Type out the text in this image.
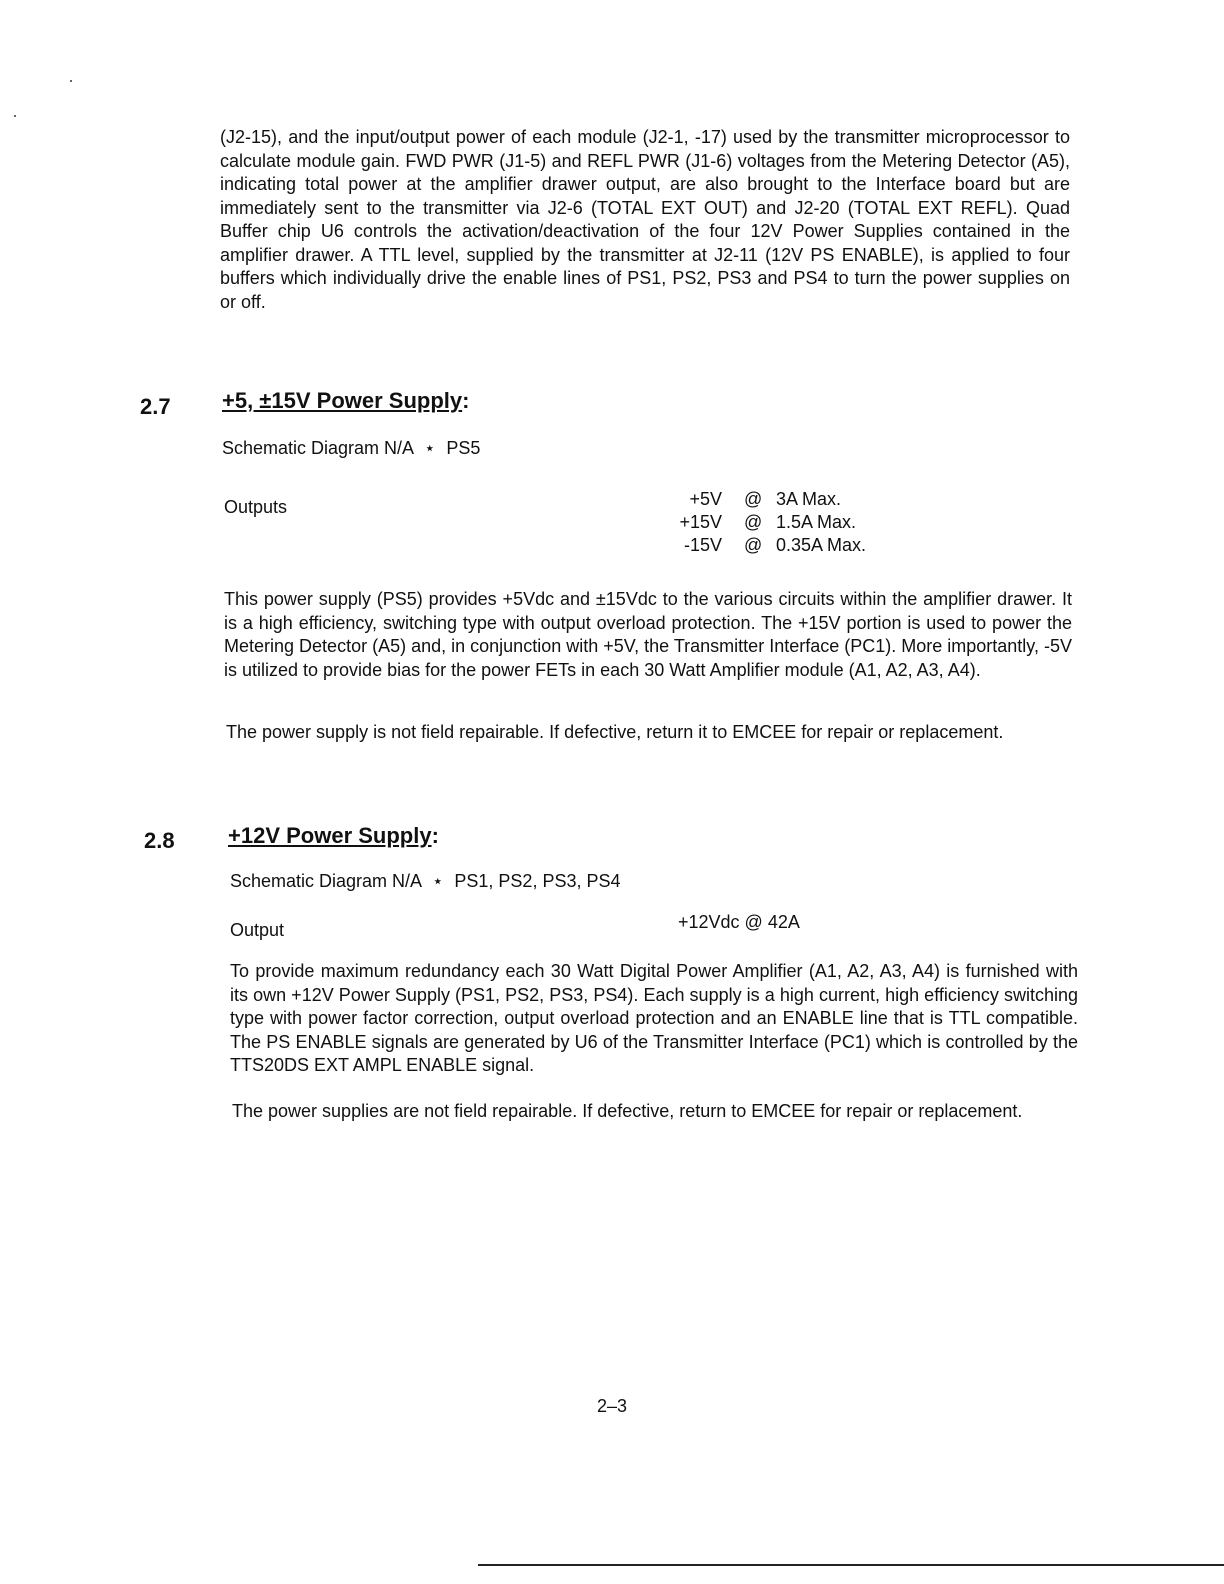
(J2-15), and the input/output power of each module (J2-1, -17) used by the transmitter microprocessor to calculate module gain. FWD PWR (J1-5) and REFL PWR (J1-6) voltages from the Metering Detector (A5), indicating total power at the amplifier drawer output, are also brought to the Interface board but are immediately sent to the transmitter via J2-6 (TOTAL EXT OUT) and J2-20 (TOTAL EXT REFL). Quad Buffer chip U6 controls the activation/deactivation of the four 12V Power Supplies contained in the amplifier drawer. A TTL level, supplied by the transmitter at J2-11 (12V PS ENABLE), is applied to four buffers which individually drive the enable lines of PS1, PS2, PS3 and PS4 to turn the power supplies on or off.

2.7 +5, ±15V Power Supply:
Schematic Diagram N/A ⋆ PS5
Outputs	+5V @ 3A Max.
+15V @ 1.5A Max.
-15V @ 0.35A Max.

This power supply (PS5) provides +5Vdc and ±15Vdc to the various circuits within the amplifier drawer. It is a high efficiency, switching type with output overload protection. The +15V portion is used to power the Metering Detector (A5) and, in conjunction with +5V, the Transmitter Interface (PC1). More importantly, -5V is utilized to provide bias for the power FETs in each 30 Watt Amplifier module (A1, A2, A3, A4).

The power supply is not field repairable. If defective, return it to EMCEE for repair or replacement.
2.8 +12V Power Supply:
Schematic Diagram N/A ⋆ PS1, PS2, PS3, PS4
Output	+12Vdc @ 42A

To provide maximum redundancy each 30 Watt Digital Power Amplifier (A1, A2, A3, A4) is furnished with its own +12V Power Supply (PS1, PS2, PS3, PS4). Each supply is a high current, high efficiency switching type with power factor correction, output overload protection and an ENABLE line that is TTL compatible. The PS ENABLE signals are generated by U6 of the Transmitter Interface (PC1) which is controlled by the TTS20DS EXT AMPL ENABLE signal.

The power supplies are not field repairable. If defective, return to EMCEE for repair or replacement.

2–3
